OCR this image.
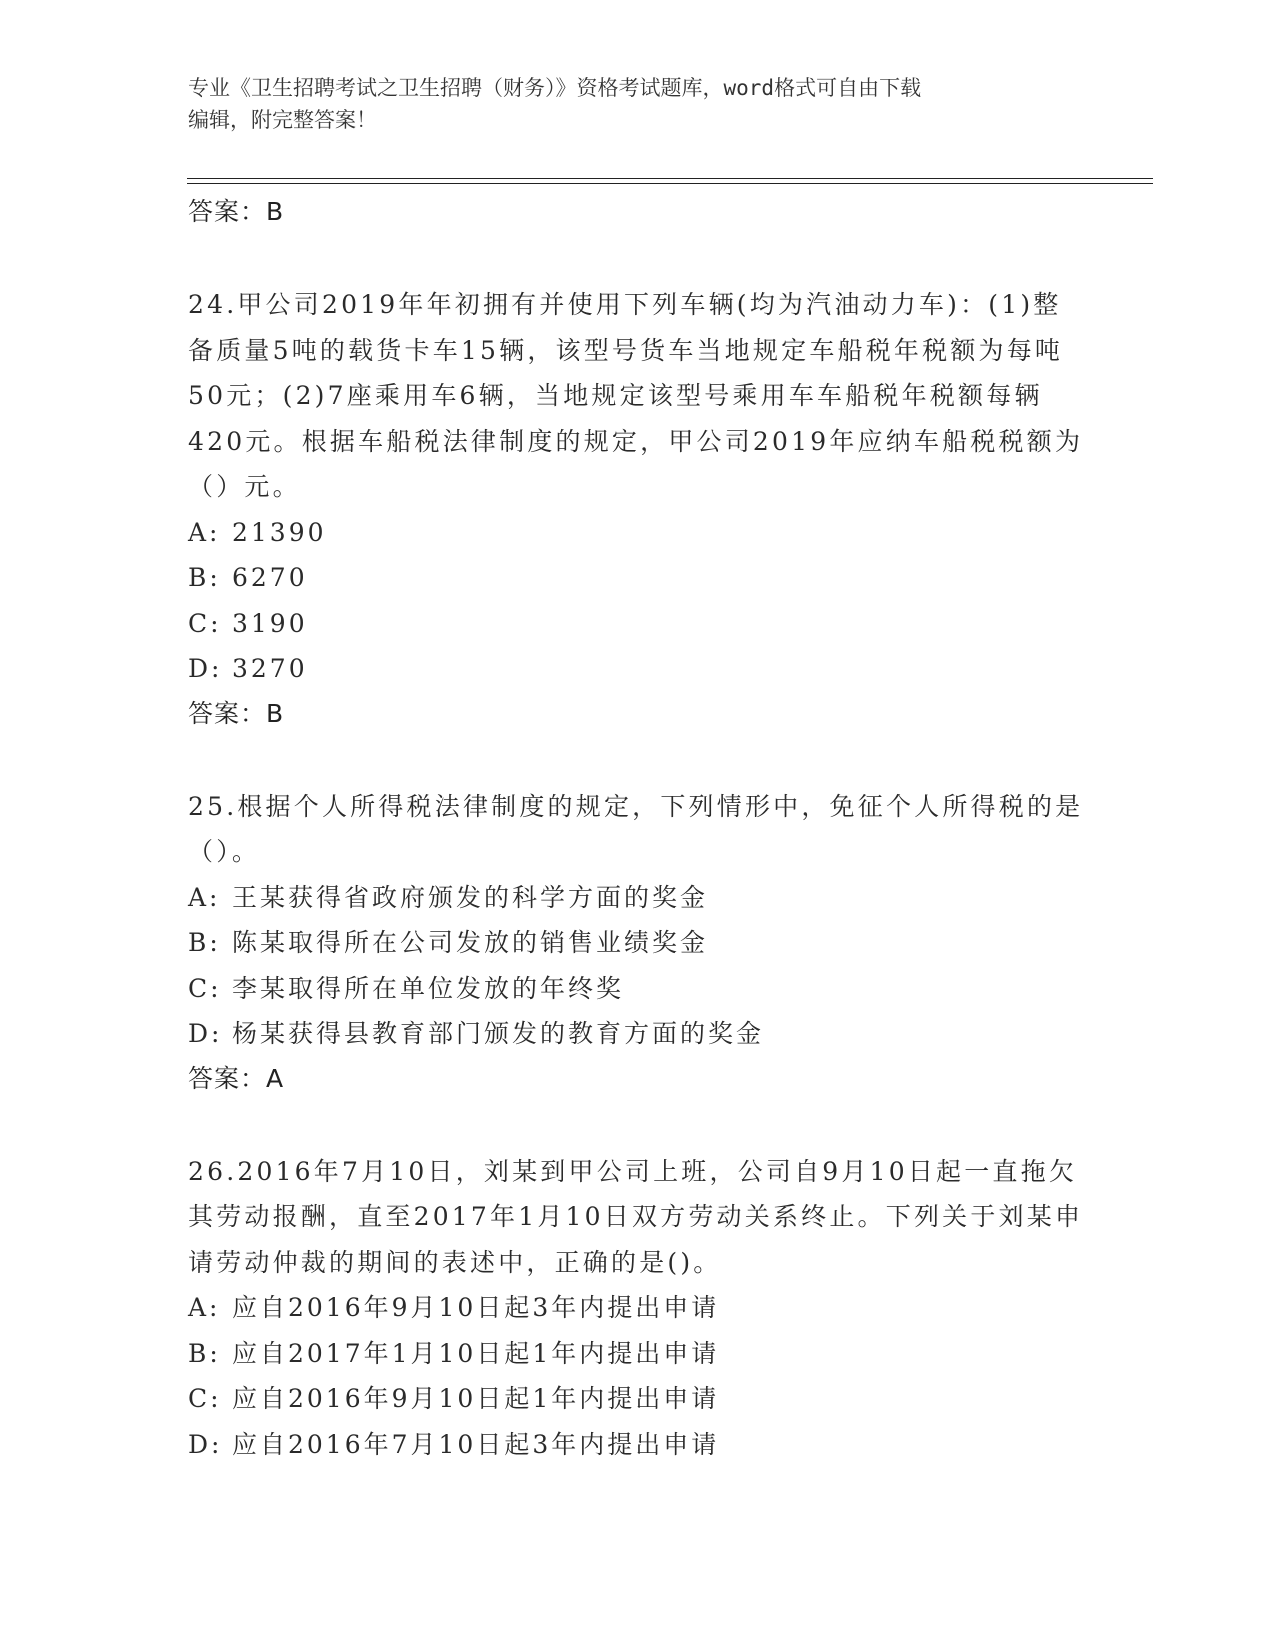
专业《卫生招聘考试之卫生招聘（财务）》资格考试题库，word格式可自由下载
编辑，附完整答案！
答案：B
24.甲公司2019年年初拥有并使用下列车辆(均为汽油动力车)：(1)整备质量5吨的载货卡车15辆，该型号货车当地规定车船税年税额为每吨50元；(2)7座乘用车6辆，当地规定该型号乘用车车船税年税额每辆420元。根据车船税法律制度的规定，甲公司2019年应纳车船税税额为（）元。
A: 21390
B: 6270
C: 3190
D: 3270
答案：B
25.根据个人所得税法律制度的规定，下列情形中，免征个人所得税的是（）。
A: 王某获得省政府颁发的科学方面的奖金
B: 陈某取得所在公司发放的销售业绩奖金
C: 李某取得所在单位发放的年终奖
D: 杨某获得县教育部门颁发的教育方面的奖金
答案：A
26.2016年7月10日，刘某到甲公司上班，公司自9月10日起一直拖欠其劳动报酬，直至2017年1月10日双方劳动关系终止。下列关于刘某申请劳动仲裁的期间的表述中，正确的是()。
A: 应自2016年9月10日起3年内提出申请
B: 应自2017年1月10日起1年内提出申请
C: 应自2016年9月10日起1年内提出申请
D: 应自2016年7月10日起3年内提出申请
